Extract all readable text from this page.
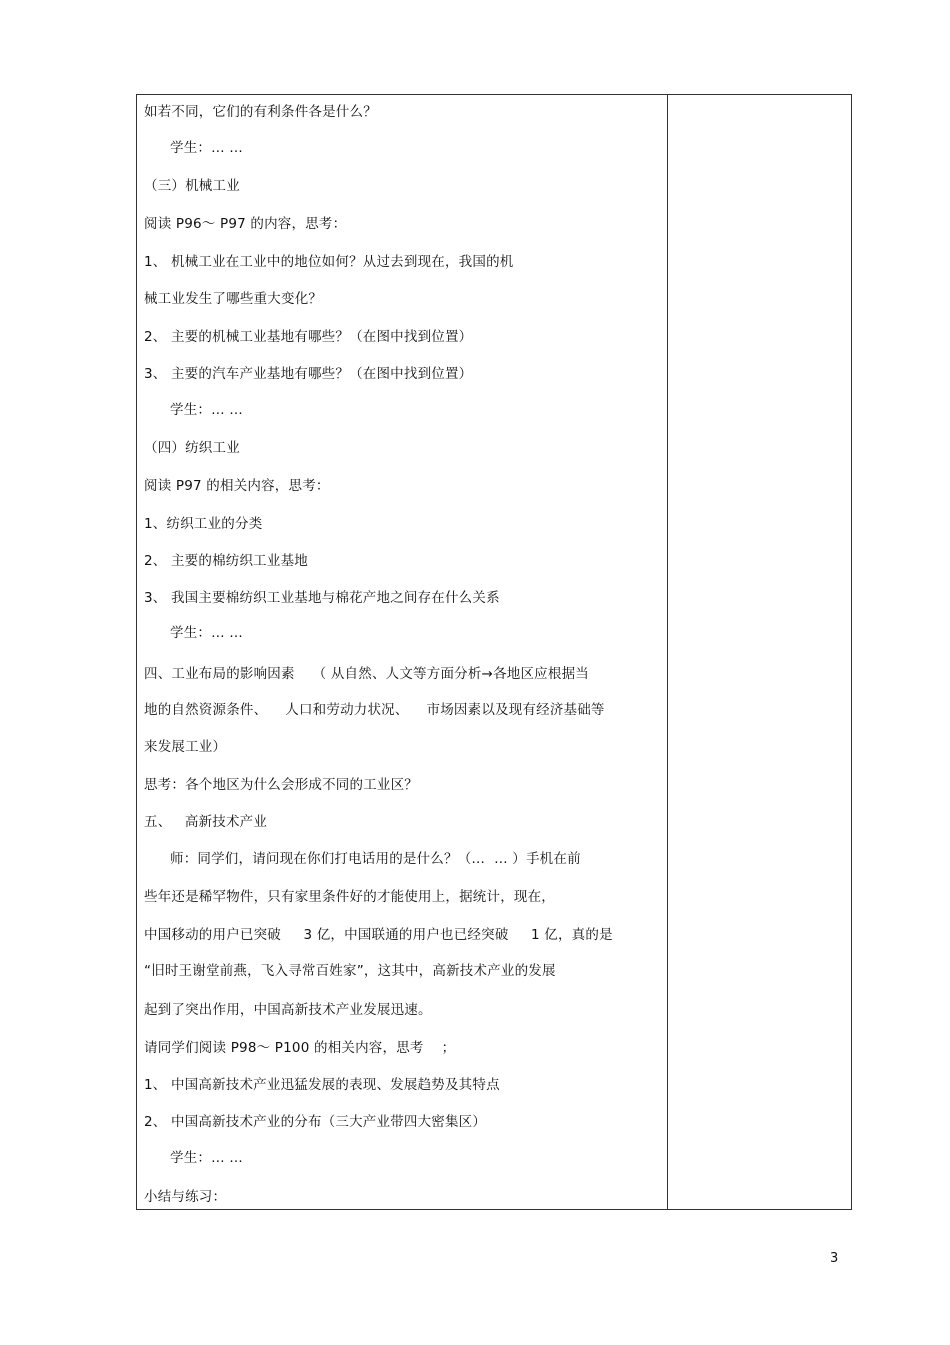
如若不同，它们的有利条件各是什么？
学生：… …
（三）机械工业
阅读 P96～ P97 的内容，思考：
1、 机械工业在工业中的地位如何？从过去到现在，我国的机
械工业发生了哪些重大变化？
2、 主要的机械工业基地有哪些？（在图中找到位置）
3、 主要的汽车产业基地有哪些？（在图中找到位置）
学生：… …
（四）纺织工业
阅读 P97 的相关内容，思考：
1、纺织工业的分类
2、 主要的棉纺织工业基地
3、 我国主要棉纺织工业基地与棉花产地之间存在什么关系
学生：… …
四、工业布局的影响因素    （ 从自然、人文等方面分析→各地区应根据当
地的自然资源条件、    人口和劳动力状况、    市场因素以及现有经济基础等
来发展工业）
思考：各个地区为什么会形成不同的工业区？
五、   高新技术产业
师：同学们，请问现在你们打电话用的是什么？（…  … ）手机在前
些年还是稀罕物件，只有家里条件好的才能使用上，据统计，现在，
中国移动的用户已突破     3 亿，中国联通的用户也已经突破     1 亿，真的是
“旧时王谢堂前燕，飞入寻常百姓家”，这其中，高新技术产业的发展
起到了突出作用，中国高新技术产业发展迅速。
请同学们阅读 P98～ P100 的相关内容，思考    ；
1、 中国高新技术产业迅猛发展的表现、发展趋势及其特点
2、 中国高新技术产业的分布（三大产业带四大密集区）
学生：… …
小结与练习：
3
